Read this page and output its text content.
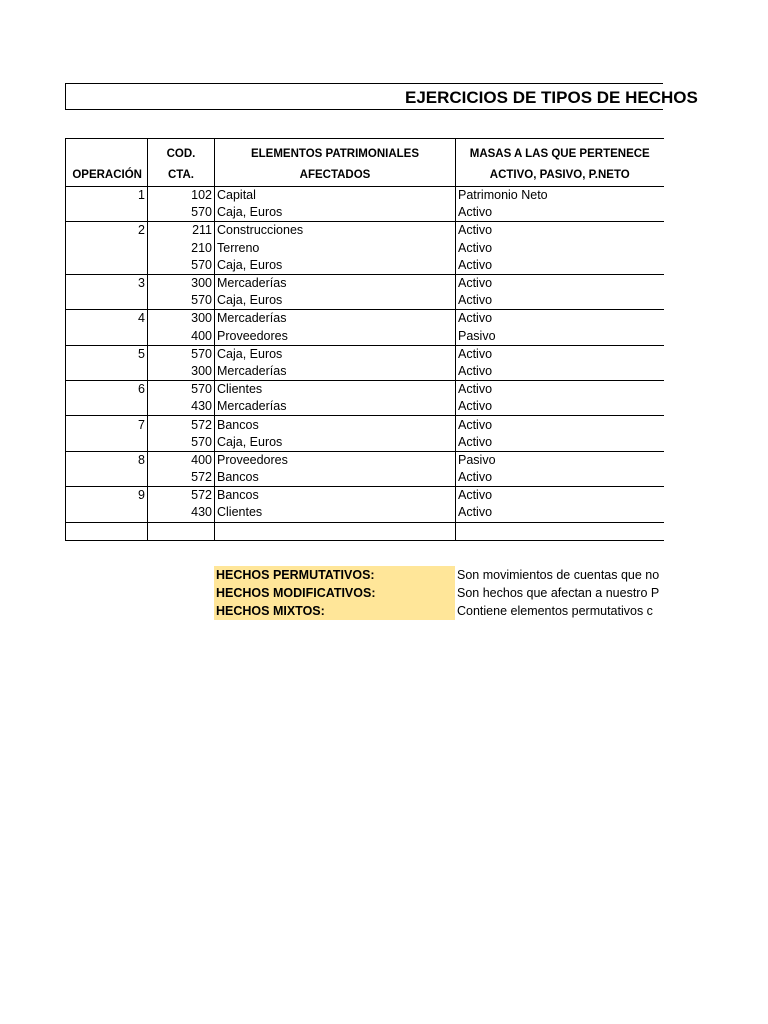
EJERCICIOS DE TIPOS DE HECHOS
	COD.	ELEMENTOS PATRIMONIALES	MASAS A LAS QUE PERTENECE
OPERACIÓN	CTA.	AFECTADOS	ACTIVO, PASIVO, P.NETO
1	102	Capital	Patrimonio Neto
	570	Caja, Euros	Activo
2	211	Construcciones	Activo
	210	Terreno	Activo
	570	Caja, Euros	Activo
3	300	Mercaderías	Activo
	570	Caja, Euros	Activo
4	300	Mercaderías	Activo
	400	Proveedores	Pasivo
5	570	Caja, Euros	Activo
	300	Mercaderías	Activo
6	570	Clientes	Activo
	430	Mercaderías	Activo
7	572	Bancos	Activo
	570	Caja, Euros	Activo
8	400	Proveedores	Pasivo
	572	Bancos	Activo
9	572	Bancos	Activo
	430	Clientes	Activo

HECHOS PERMUTATIVOS:	Son movimientos de cuentas que no
HECHOS MODIFICATIVOS:	Son hechos que afectan a nuestro P
HECHOS MIXTOS:	Contiene elementos permutativos c
